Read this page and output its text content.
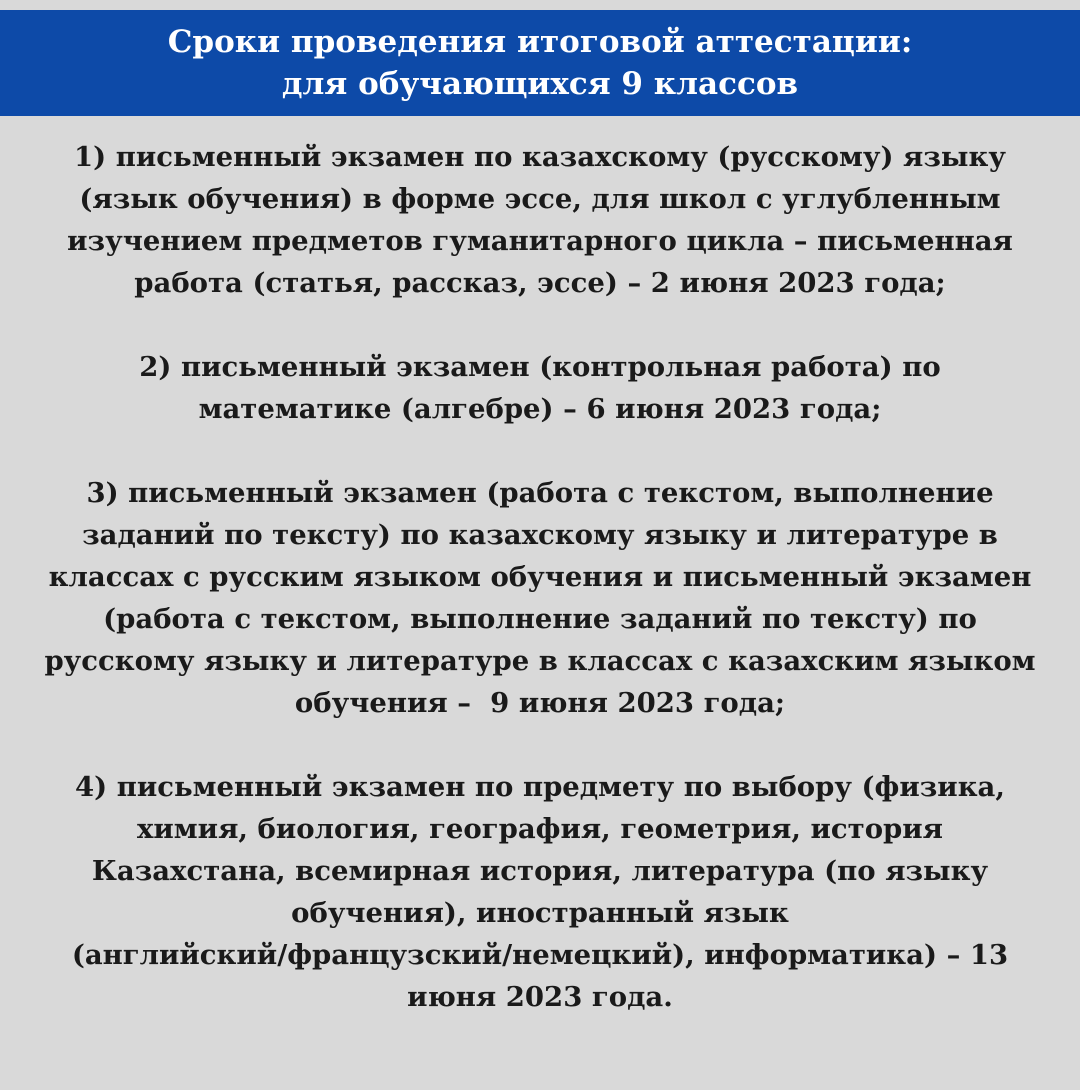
Сроки проведения итоговой аттестации:
для обучающихся 9 классов
1) письменный экзамен по казахскому (русскому) языку
(язык обучения) в форме эссе, для школ с углубленным
изучением предметов гуманитарного цикла – письменная
работа (статья, рассказ, эссе) – 2 июня 2023 года;
2) письменный экзамен (контрольная работа) по
математике (алгебре) – 6 июня 2023 года;
3) письменный экзамен (работа с текстом, выполнение
заданий по тексту) по казахскому языку и литературе в
классах с русским языком обучения и письменный экзамен
(работа с текстом, выполнение заданий по тексту) по
русскому языку и литературе в классах с казахским языком
обучения –  9 июня 2023 года;
4) письменный экзамен по предмету по выбору (физика,
химия, биология, география, геометрия, история
Казахстана, всемирная история, литература (по языку
обучения), иностранный язык
(английский/французский/немецкий), информатика) – 13
июня 2023 года.
